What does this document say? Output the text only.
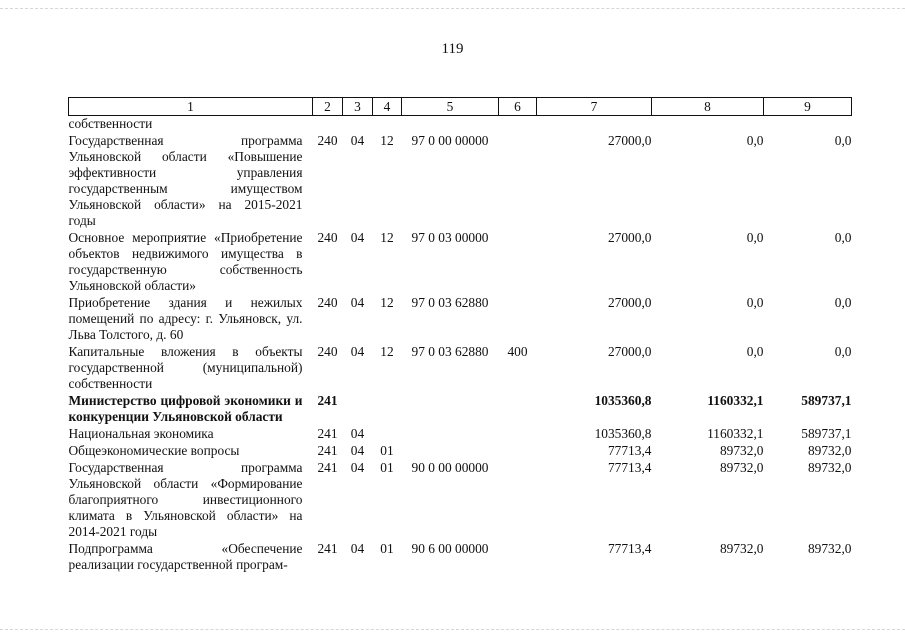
119
1	2	3	4	5	6	7	8	9
собственности								
Государственная программа Ульяновской области «Повышение эффективности управления государственным имуществом Ульяновской области» на 2015-2021 годы	240	04	12	97 0 00 00000		27000,0	0,0	0,0
Основное мероприятие «Приобретение объектов недвижимого имущества в государственную собственность Ульяновской области»	240	04	12	97 0 03 00000		27000,0	0,0	0,0
Приобретение здания и нежилых помещений по адресу: г. Ульяновск, ул. Льва Толстого, д. 60	240	04	12	97 0 03 62880		27000,0	0,0	0,0
Капитальные вложения в объекты государственной (муниципальной) собственности	240	04	12	97 0 03 62880	400	27000,0	0,0	0,0
Министерство цифровой экономики и конкуренции Ульяновской области	241					1035360,8	1160332,1	589737,1
Национальная экономика	241	04				1035360,8	1160332,1	589737,1
Общеэкономические вопросы	241	04	01			77713,4	89732,0	89732,0
Государственная программа Ульяновской области «Формирование благоприятного инвестиционного климата в Ульяновской области» на 2014-2021 годы	241	04	01	90 0 00 00000		77713,4	89732,0	89732,0
Подпрограмма «Обеспечение реализации государственной програм-	241	04	01	90 6 00 00000		77713,4	89732,0	89732,0
